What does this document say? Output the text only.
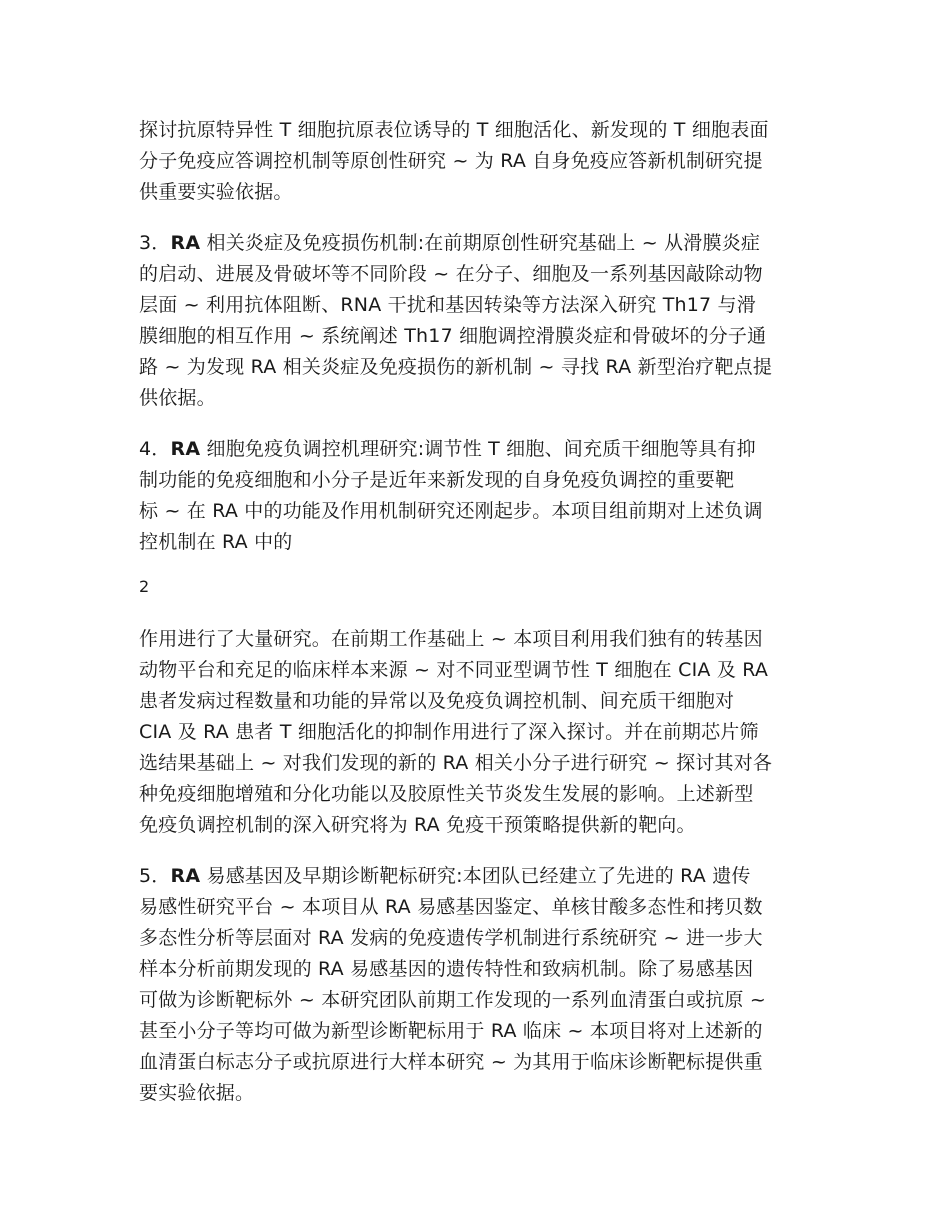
探讨抗原特异性 T 细胞抗原表位诱导的 T 细胞活化、新发现的 T 细胞表面
分子免疫应答调控机制等原创性研究 ~ 为 RA 自身免疫应答新机制研究提
供重要实验依据。
3．RA 相关炎症及免疫损伤机制:在前期原创性研究基础上 ~ 从滑膜炎症
的启动、进展及骨破坏等不同阶段 ~ 在分子、细胞及一系列基因敲除动物
层面 ~ 利用抗体阻断、RNA 干扰和基因转染等方法深入研究 Th17 与滑
膜细胞的相互作用 ~ 系统阐述 Th17 细胞调控滑膜炎症和骨破坏的分子通
路 ~ 为发现 RA 相关炎症及免疫损伤的新机制 ~ 寻找 RA 新型治疗靶点提
供依据。
4．RA 细胞免疫负调控机理研究:调节性 T 细胞、间充质干细胞等具有抑
制功能的免疫细胞和小分子是近年来新发现的自身免疫负调控的重要靶
标 ~ 在 RA 中的功能及作用机制研究还刚起步。本项目组前期对上述负调
控机制在 RA 中的
2
作用进行了大量研究。在前期工作基础上 ~ 本项目利用我们独有的转基因
动物平台和充足的临床样本来源 ~ 对不同亚型调节性 T 细胞在 CIA 及 RA
患者发病过程数量和功能的异常以及免疫负调控机制、间充质干细胞对
CIA 及 RA 患者 T 细胞活化的抑制作用进行了深入探讨。并在前期芯片筛
选结果基础上 ~ 对我们发现的新的 RA 相关小分子进行研究 ~ 探讨其对各
种免疫细胞增殖和分化功能以及胶原性关节炎发生发展的影响。上述新型
免疫负调控机制的深入研究将为 RA 免疫干预策略提供新的靶向。
5．RA 易感基因及早期诊断靶标研究:本团队已经建立了先进的 RA 遗传
易感性研究平台 ~ 本项目从 RA 易感基因鉴定、单核甘酸多态性和拷贝数
多态性分析等层面对 RA 发病的免疫遗传学机制进行系统研究 ~ 进一步大
样本分析前期发现的 RA 易感基因的遗传特性和致病机制。除了易感基因
可做为诊断靶标外 ~ 本研究团队前期工作发现的一系列血清蛋白或抗原 ~
甚至小分子等均可做为新型诊断靶标用于 RA 临床 ~ 本项目将对上述新的
血清蛋白标志分子或抗原进行大样本研究 ~ 为其用于临床诊断靶标提供重
要实验依据。
